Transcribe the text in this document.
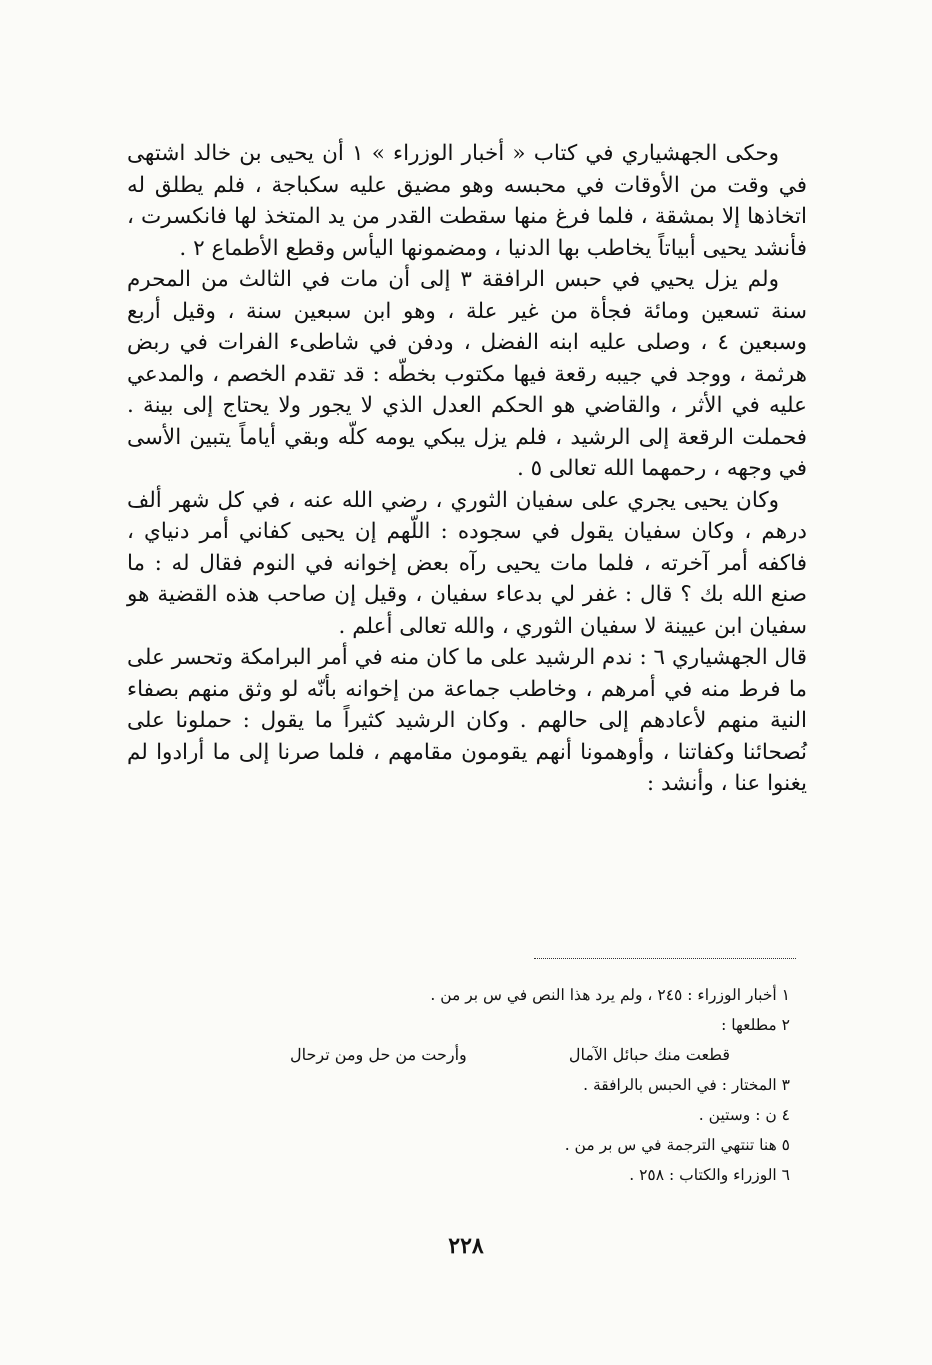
وحكى الجهشياري في كتاب « أخبار الوزراء » ١ أن يحيى بن خالد اشتهى في وقت من الأوقات في محبسه وهو مضيق عليه سكباجة ، فلم يطلق له اتخاذها إلا بمشقة ، فلما فرغ منها سقطت القدر من يد المتخذ لها فانكسرت ، فأنشد يحيى أبياتاً يخاطب بها الدنيا ، ومضمونها اليأس وقطع الأطماع ٢ .

ولم يزل يحيي في حبس الرافقة ٣ إلى أن مات في الثالث من المحرم سنة تسعين ومائة فجأة من غير علة ، وهو ابن سبعين سنة ، وقيل أربع وسبعين ٤ ، وصلى عليه ابنه الفضل ، ودفن في شاطىء الفرات في ربض هرثمة ، ووجد في جيبه رقعة فيها مكتوب بخطّه : قد تقدم الخصم ، والمدعي عليه في الأثر ، والقاضي هو الحكم العدل الذي لا يجور ولا يحتاج إلى بينة . فحملت الرقعة إلى الرشيد ، فلم يزل يبكي يومه كلّه وبقي أياماً يتبين الأسى في وجهه ، رحمهما الله تعالى ٥ .

وكان يحيى يجري على سفيان الثوري ، رضي الله عنه ، في كل شهر ألف درهم ، وكان سفيان يقول في سجوده : اللّهم إن يحيى كفاني أمر دنياي ، فاكفه أمر آخرته ، فلما مات يحيى رآه بعض إخوانه في النوم فقال له : ما صنع الله بك ؟ قال : غفر لي بدعاء سفيان ، وقيل إن صاحب هذه القضية هو سفيان ابن عيينة لا سفيان الثوري ، والله تعالى أعلم .

قال الجهشياري ٦ : ندم الرشيد على ما كان منه في أمر البرامكة وتحسر على ما فرط منه في أمرهم ، وخاطب جماعة من إخوانه بأنّه لو وثق منهم بصفاء النية منهم لأعادهم إلى حالهم . وكان الرشيد كثيراً ما يقول : حملونا على نُصحائنا وكفاتنا ، وأوهمونا أنهم يقومون مقامهم ، فلما صرنا إلى ما أرادوا لم يغنوا عنا ، وأنشد :

١ أخبار الوزراء : ٢٤٥ ، ولم يرد هذا النص في س بر من .

٢ مطلعها :

قطعت منك حبائل الآمال
وأرحت من حل ومن ترحال

٣ المختار : في الحبس بالرافقة .

٤ ن : وستين .

٥ هنا تنتهي الترجمة في س بر من .

٦ الوزراء والكتاب : ٢٥٨ .

٢٢٨
